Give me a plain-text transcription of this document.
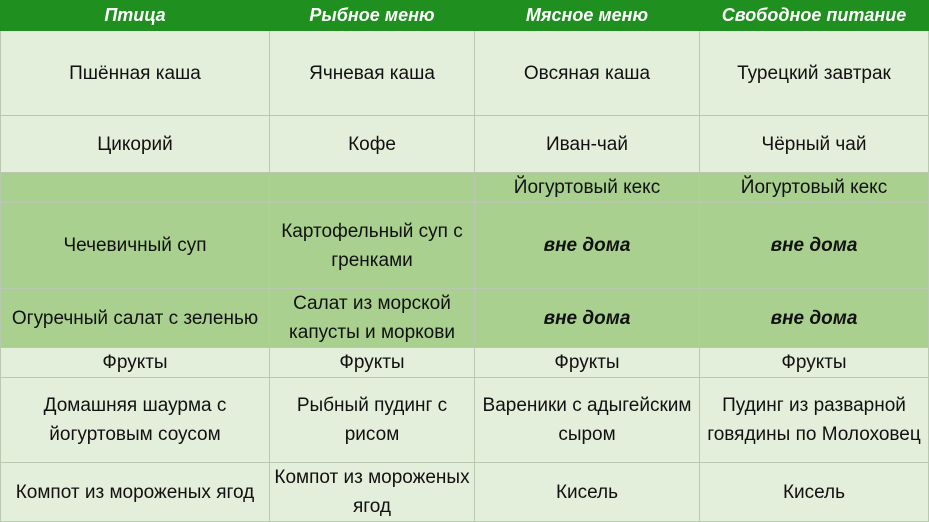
Птица	Рыбное меню	Мясное меню	Свободное питание
Пшённая каша	Ячневая каша	Овсяная каша	Турецкий завтрак
Цикорий	Кофе	Иван-чай	Чёрный чай
		Йогуртовый кекс	Йогуртовый кекс
Чечевичный суп	Картофельный суп с гренками	вне дома	вне дома
Огуречный салат с зеленью	Салат из морской капусты и моркови	вне дома	вне дома
Фрукты	Фрукты	Фрукты	Фрукты
Домашняя шаурма с йогуртовым соусом	Рыбный пудинг с рисом	Вареники с адыгейским сыром	Пудинг из разварной говядины по Молоховец
Компот из мороженых ягод	Компот из мороженых ягод	Кисель	Кисель
